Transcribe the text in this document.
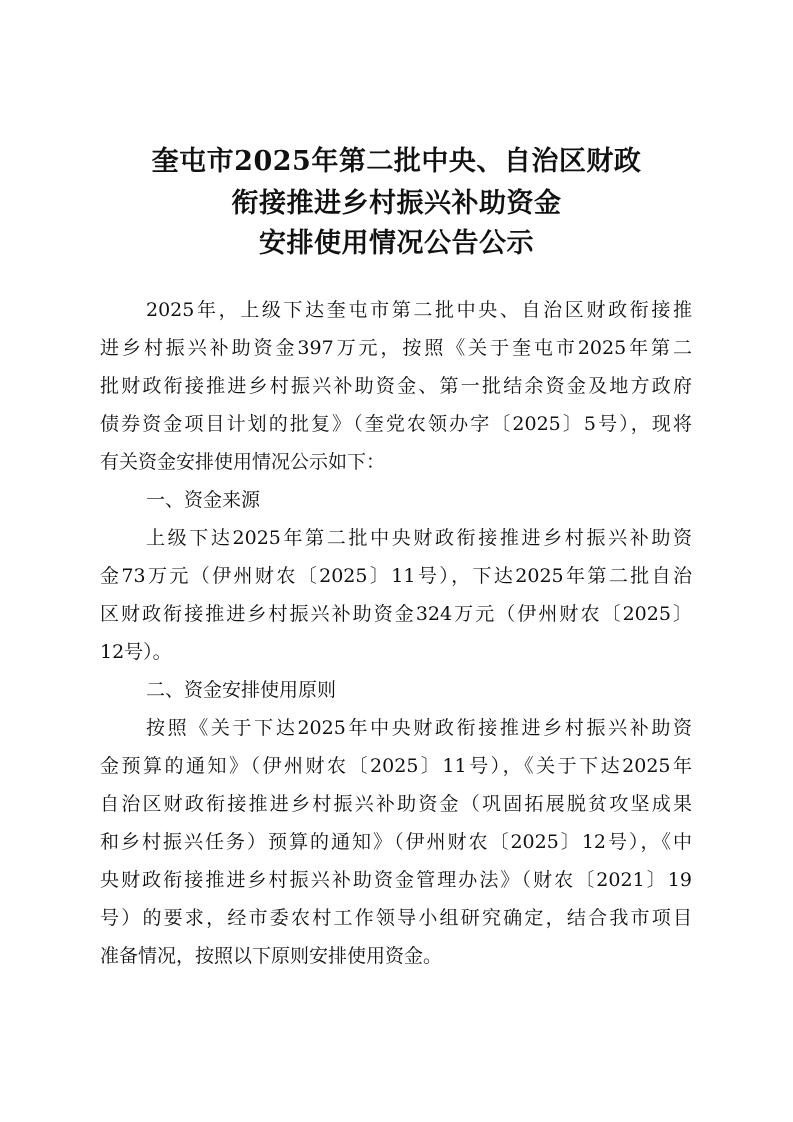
奎屯市2025年第二批中央、自治区财政
衔接推进乡村振兴补助资金
安排使用情况公告公示
2025年，上级下达奎屯市第二批中央、自治区财政衔接推
进乡村振兴补助资金397万元，按照《关于奎屯市2025年第二
批财政衔接推进乡村振兴补助资金、第一批结余资金及地方政府
债券资金项目计划的批复》（奎党农领办字〔2025〕5号），现将
有关资金安排使用情况公示如下：
一、资金来源
上级下达2025年第二批中央财政衔接推进乡村振兴补助资
金73万元（伊州财农〔2025〕11号），下达2025年第二批自治
区财政衔接推进乡村振兴补助资金324万元（伊州财农〔2025〕
12号）。
二、资金安排使用原则
按照《关于下达2025年中央财政衔接推进乡村振兴补助资
金预算的通知》（伊州财农〔2025〕11号），《关于下达2025年
自治区财政衔接推进乡村振兴补助资金（巩固拓展脱贫攻坚成果
和乡村振兴任务）预算的通知》（伊州财农〔2025〕12号），《中
央财政衔接推进乡村振兴补助资金管理办法》（财农〔2021〕19
号）的要求，经市委农村工作领导小组研究确定，结合我市项目
准备情况，按照以下原则安排使用资金。
